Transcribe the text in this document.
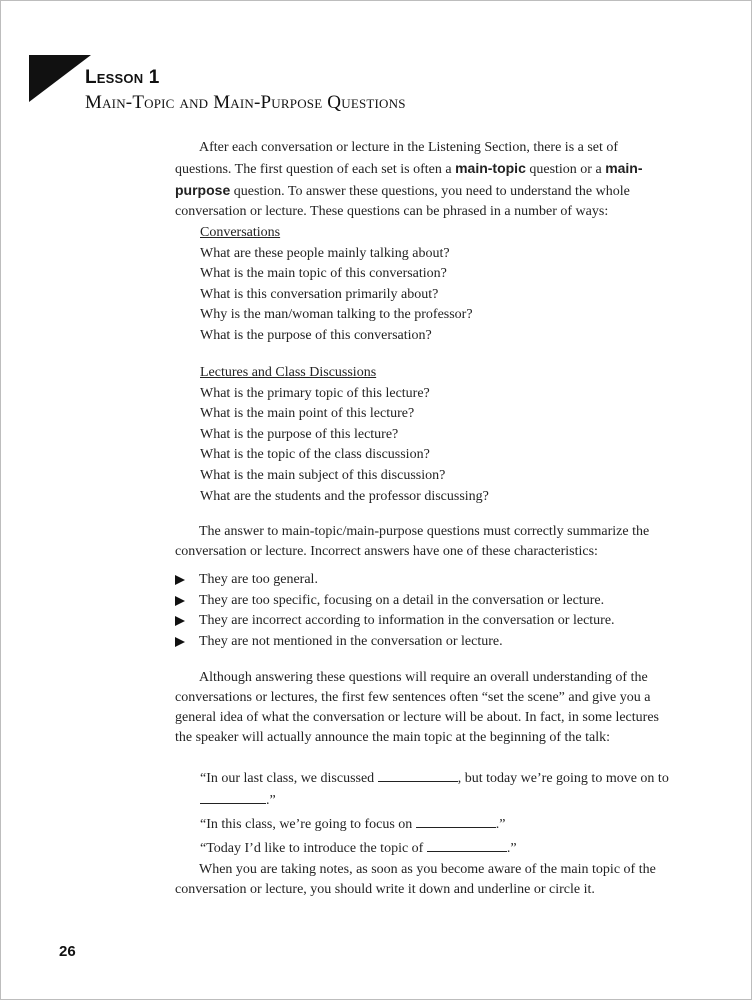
Lesson 1
Main-Topic and Main-Purpose Questions

After each conversation or lecture in the Listening Section, there is a set of questions. The first question of each set is often a main-topic question or a main-purpose question. To answer these questions, you need to understand the whole conversation or lecture. These questions can be phrased in a number of ways:

Conversations
What are these people mainly talking about?
What is the main topic of this conversation?
What is this conversation primarily about?
Why is the man/woman talking to the professor?
What is the purpose of this conversation?
Lectures and Class Discussions
What is the primary topic of this lecture?
What is the main point of this lecture?
What is the purpose of this lecture?
What is the topic of the class discussion?
What is the main subject of this discussion?
What are the students and the professor discussing?

The answer to main-topic/main-purpose questions must correctly summarize the conversation or lecture. Incorrect answers have one of these characteristics:

They are too general.
They are too specific, focusing on a detail in the conversation or lecture.
They are incorrect according to information in the conversation or lecture.
They are not mentioned in the conversation or lecture.

Although answering these questions will require an overall understanding of the conversations or lectures, the first few sentences often “set the scene” and give you a general idea of what the conversation or lecture will be about. In fact, in some lectures the speaker will actually announce the main topic at the beginning of the talk:

“In our last class, we discussed	, but today we’re going to move on to .”
“In this class, we’re going to focus on	.”
“Today I’d like to introduce the topic of	.”

When you are taking notes, as soon as you become aware of the main topic of the conversation or lecture, you should write it down and underline or circle it.

26
